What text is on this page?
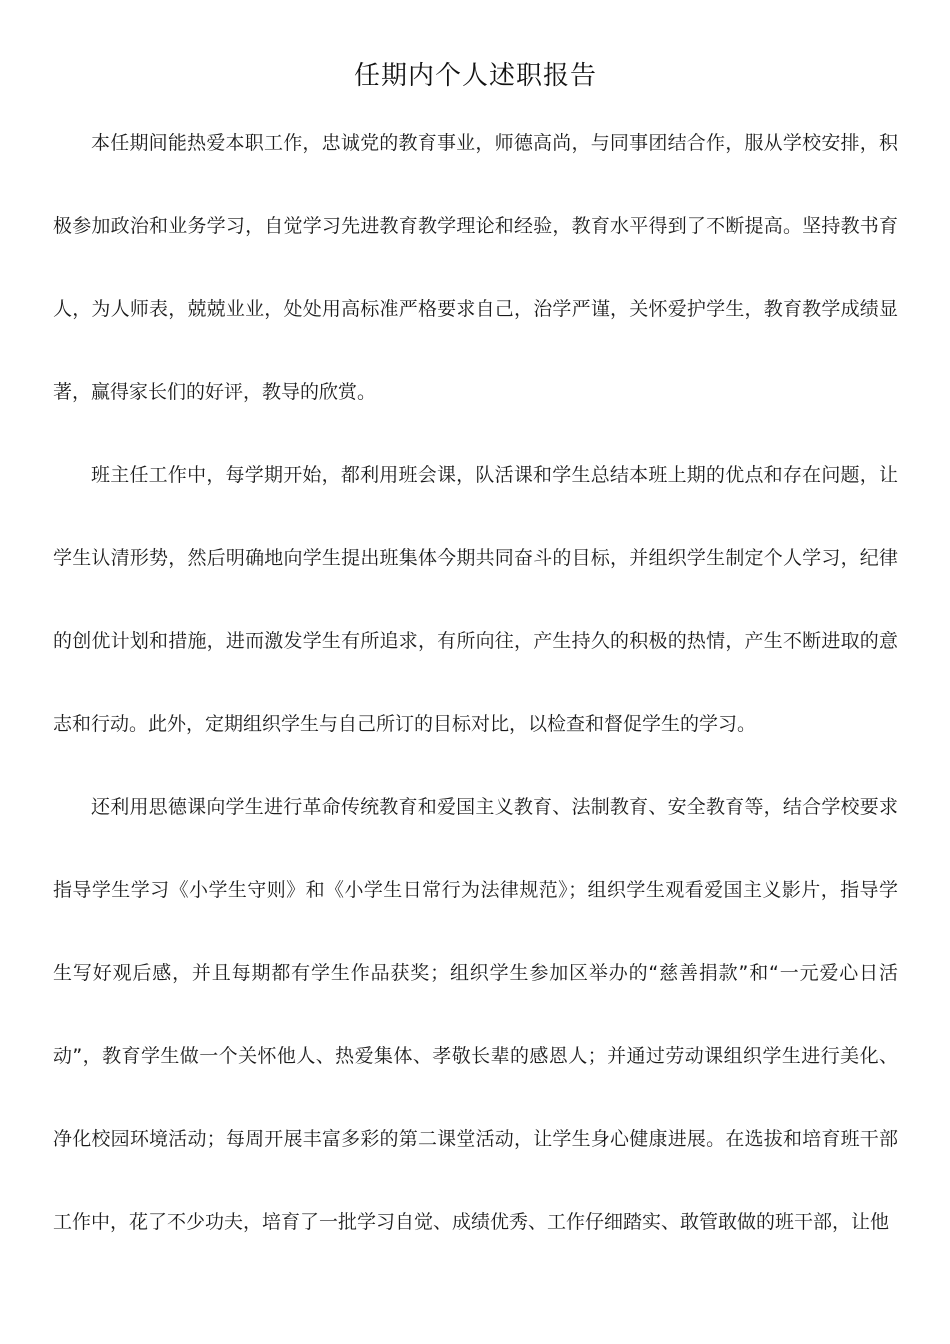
任期内个人述职报告

本任期间能热爱本职工作，忠诚党的教育事业，师德高尚，与同事团结合作，服从学校安排，积极参加政治和业务学习，自觉学习先进教育教学理论和经验，教育水平得到了不断提高。坚持教书育人，为人师表，兢兢业业，处处用高标准严格要求自己，治学严谨，关怀爱护学生，教育教学成绩显著，赢得家长们的好评，教导的欣赏。

班主任工作中，每学期开始，都利用班会课，队活课和学生总结本班上期的优点和存在问题，让学生认清形势，然后明确地向学生提出班集体今期共同奋斗的目标，并组织学生制定个人学习，纪律的创优计划和措施，进而激发学生有所追求，有所向往，产生持久的积极的热情，产生不断进取的意志和行动。此外，定期组织学生与自己所订的目标对比，以检查和督促学生的学习。

还利用思德课向学生进行革命传统教育和爱国主义教育、法制教育、安全教育等，结合学校要求指导学生学习《小学生守则》和《小学生日常行为法律规范》；组织学生观看爱国主义影片，指导学生写好观后感，并且每期都有学生作品获奖；组织学生参加区举办的“慈善捐款”和“一元爱心日活动”，教育学生做一个关怀他人、热爱集体、孝敬长辈的感恩人；并通过劳动课组织学生进行美化、净化校园环境活动；每周开展丰富多彩的第二课堂活动，让学生身心健康进展。在选拔和培育班干部工作中，花了不少功夫，培育了一批学习自觉、成绩优秀、工作仔细踏实、敢管敢做的班干部，让他
